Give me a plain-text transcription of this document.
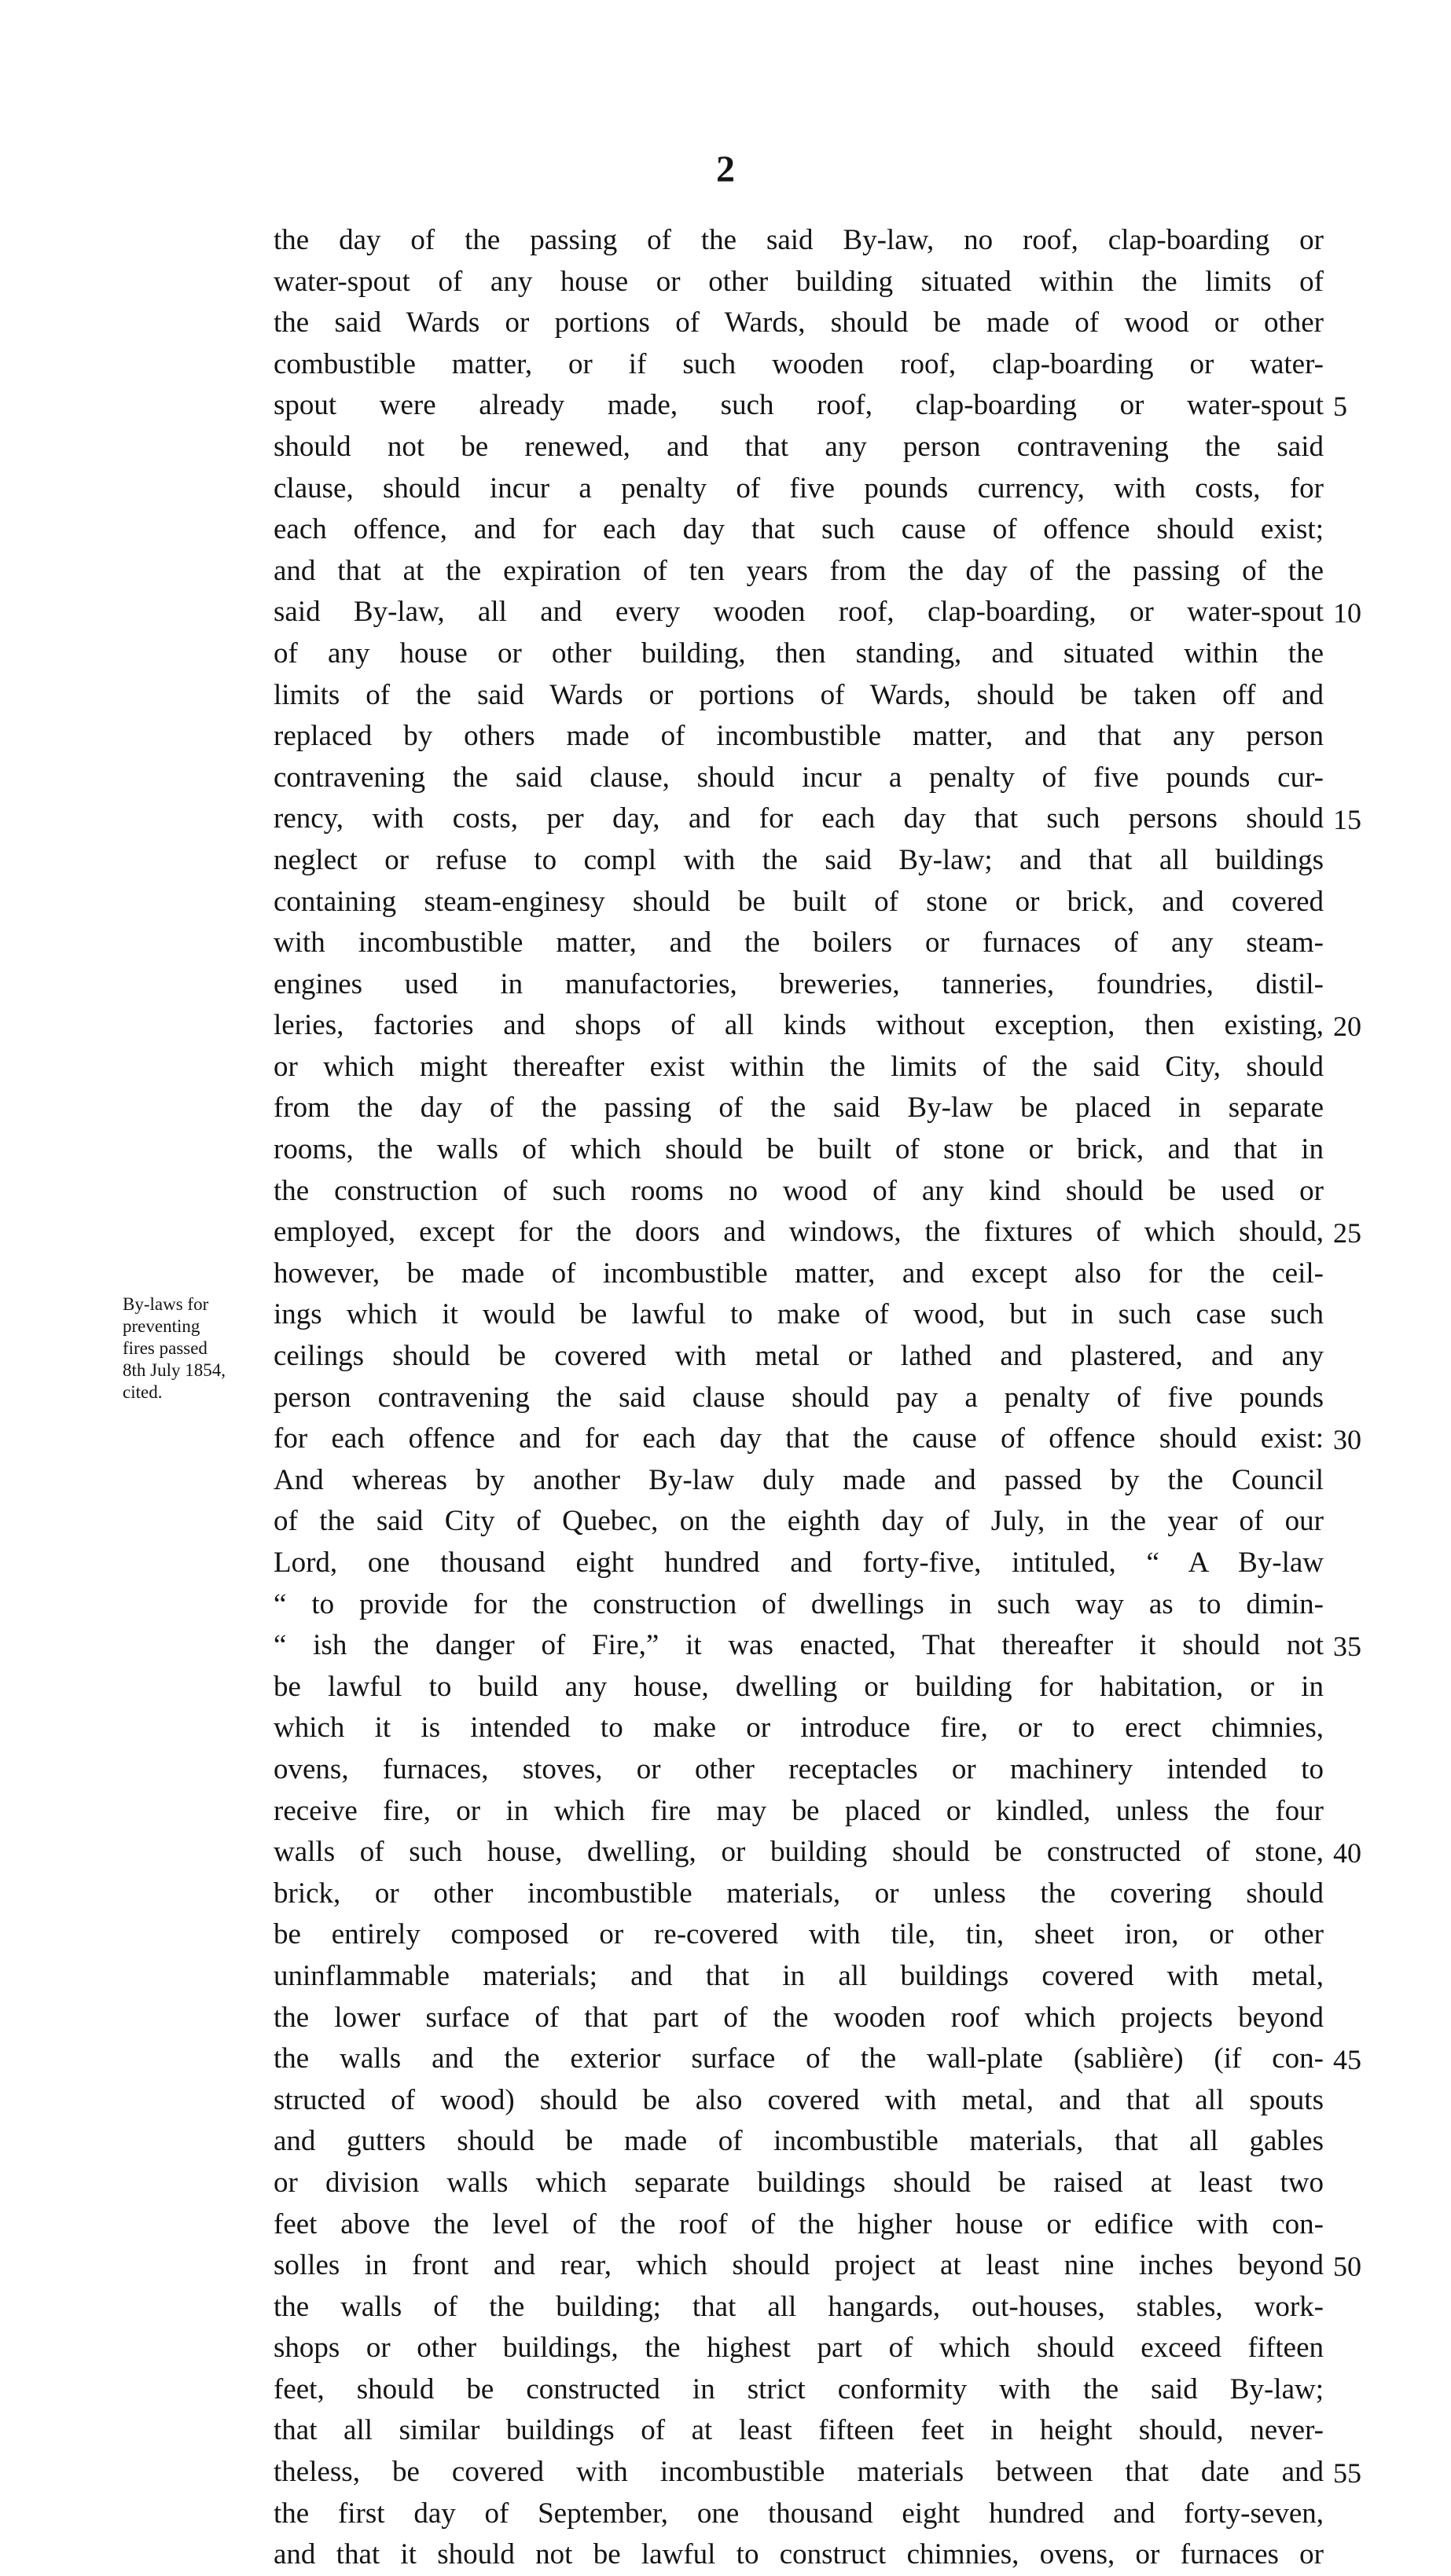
2
the day of the passing of the said By-law, no roof, clap-boarding or
water-spout of any house or other building situated within the limits of
the said Wards or portions of Wards, should be made of wood or other
combustible matter, or if such wooden roof, clap-boarding or water-
spout were already made, such roof, clap-boarding or water-spout
should not be renewed, and that any person contravening the said
clause, should incur a penalty of five pounds currency, with costs, for
each offence, and for each day that such cause of offence should exist;
and that at the expiration of ten years from the day of the passing of the
said By-law, all and every wooden roof, clap-boarding, or water-spout
of any house or other building, then standing, and situated within the
limits of the said Wards or portions of Wards, should be taken off and
replaced by others made of incombustible matter, and that any person
contravening the said clause, should incur a penalty of five pounds cur-
rency, with costs, per day, and for each day that such persons should
neglect or refuse to compl with the said By-law; and that all buildings
containing steam-enginesy should be built of stone or brick, and covered
with incombustible matter, and the boilers or furnaces of any steam-
engines used in manufactories, breweries, tanneries, foundries, distil-
leries, factories and shops of all kinds without exception, then existing,
or which might thereafter exist within the limits of the said City, should
from the day of the passing of the said By-law be placed in separate
rooms, the walls of which should be built of stone or brick, and that in
the construction of such rooms no wood of any kind should be used or
employed, except for the doors and windows, the fixtures of which should,
however, be made of incombustible matter, and except also for the ceil-
ings which it would be lawful to make of wood, but in such case such
ceilings should be covered with metal or lathed and plastered, and any
person contravening the said clause should pay a penalty of five pounds
for each offence and for each day that the cause of offence should exist:
And whereas by another By-law duly made and passed by the Council
of the said City of Quebec, on the eighth day of July, in the year of our
Lord, one thousand eight hundred and forty-five, intituled, “ A By-law
“ to provide for the construction of dwellings in such way as to dimin-
“ ish the danger of Fire,” it was enacted, That thereafter it should not
be lawful to build any house, dwelling or building for habitation, or in
which it is intended to make or introduce fire, or to erect chimnies,
ovens, furnaces, stoves, or other receptacles or machinery intended to
receive fire, or in which fire may be placed or kindled, unless the four
walls of such house, dwelling, or building should be constructed of stone,
brick, or other incombustible materials, or unless the covering should
be entirely composed or re-covered with tile, tin, sheet iron, or other
uninflammable materials; and that in all buildings covered with metal,
the lower surface of that part of the wooden roof which projects beyond
the walls and the exterior surface of the wall-plate (sablière) (if con-
structed of wood) should be also covered with metal, and that all spouts
and gutters should be made of incombustible materials, that all gables
or division walls which separate buildings should be raised at least two
feet above the level of the roof of the higher house or edifice with con-
solles in front and rear, which should project at least nine inches beyond
the walls of the building; that all hangards, out-houses, stables, work-
shops or other buildings, the highest part of which should exceed fifteen
feet, should be constructed in strict conformity with the said By-law;
that all similar buildings of at least fifteen feet in height should, never-
theless, be covered with incombustible materials between that date and
the first day of September, one thousand eight hundred and forty-seven,
and that it should not be lawful to construct chimnies, ovens, or furnaces or
5
10
15
20
25
30
35
40
45
50
55
By-laws for
preventing
fires passed
8th July 1854,
cited.
